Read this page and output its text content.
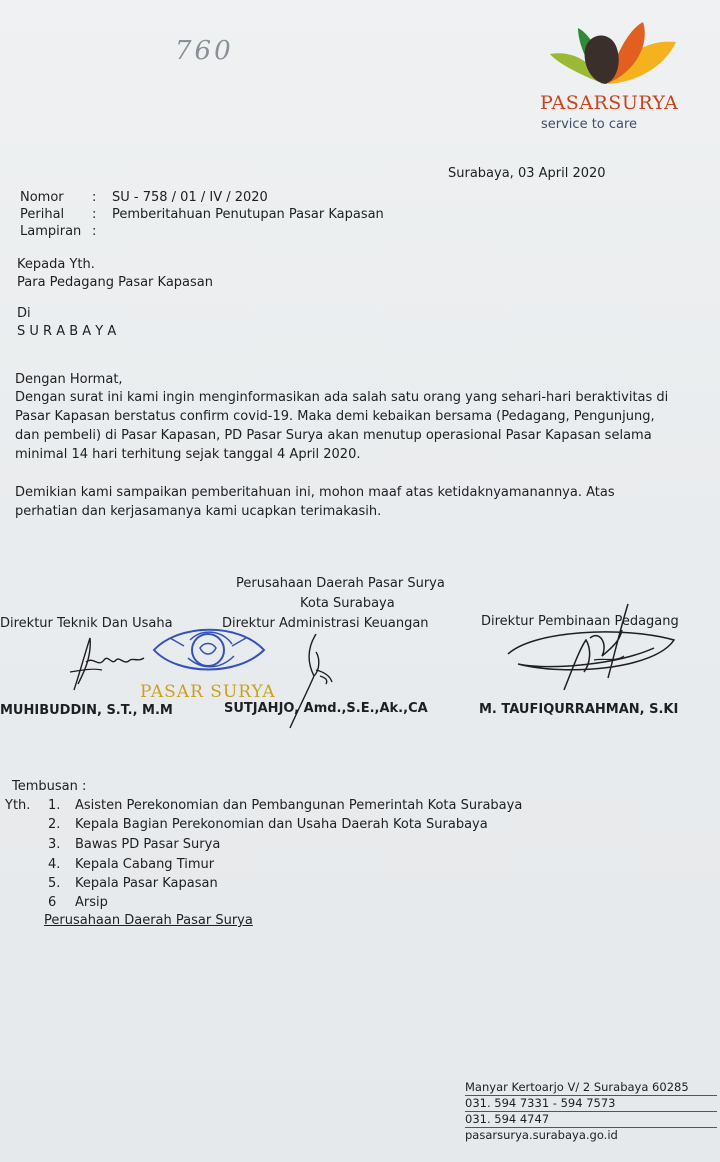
760
PASARSURYA
service to care
Surabaya, 03 April 2020
Nomor : SU - 758 / 01 / IV / 2020
Perihal : Pemberitahuan Penutupan Pasar Kapasan
Lampiran :
Kepada Yth.
Para Pedagang Pasar Kapasan
Di
S U R A B A Y A
Dengan Hormat,
Dengan surat ini kami ingin menginformasikan ada salah satu orang yang sehari-hari beraktivitas di
Pasar Kapasan berstatus confirm covid-19. Maka demi kebaikan bersama (Pedagang, Pengunjung,
dan pembeli) di Pasar Kapasan, PD Pasar Surya akan menutup operasional Pasar Kapasan selama
minimal 14 hari terhitung sejak tanggal 4 April 2020.
Demikian kami sampaikan pemberitahuan ini, mohon maaf atas ketidaknyamanannya. Atas
perhatian dan kerjasamanya kami ucapkan terimakasih.
Perusahaan Daerah Pasar Surya
Kota Surabaya
Direktur Teknik Dan Usaha	Direktur Administrasi Keuangan	Direktur Pembinaan Pedagang
PASAR SURYA
MUHIBUDDIN, S.T., M.M	SUTJAHJO, Amd.,S.E.,Ak.,CA	M. TAUFIQURRAHMAN, S.KI
Tembusan :
Yth. 1. Asisten Perekonomian dan Pembangunan Pemerintah Kota Surabaya
2. Kepala Bagian Perekonomian dan Usaha Daerah Kota Surabaya
3. Bawas PD Pasar Surya
4. Kepala Cabang Timur
5. Kepala Pasar Kapasan
6 Arsip
Perusahaan Daerah Pasar Surya
Manyar Kertoarjo V/ 2 Surabaya 60285
031. 594 7331 - 594 7573
031. 594 4747
pasarsurya.surabaya.go.id
